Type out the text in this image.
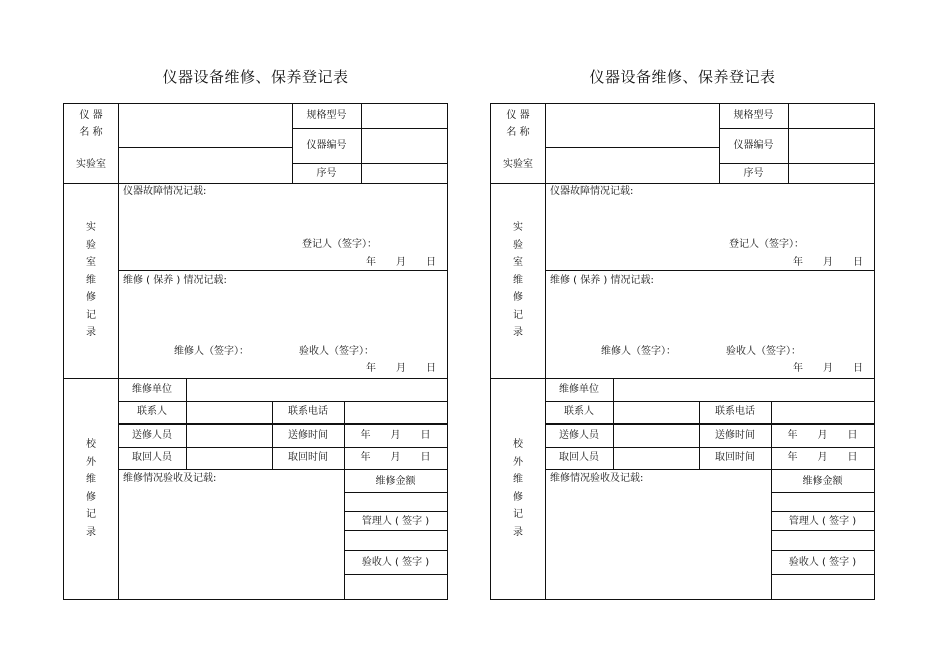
仪器设备维修、保养登记表
仪 器
名 称
实验室
规格型号
仪器编号
序号
实验室维修记录
仪器故障情况记载:
登记人（签字）：
年　　月　　日
维修 ( 保养 ) 情况记载:
维修人（签字）：	验收人（签字）：
年　　月　　日
校外维修记录
维修单位
联系人	联系电话
送修人员	送修时间	年　　月　　日
取回人员	取回时间	年　　月　　日
维修情况验收及记载:	维修金额
管理人 ( 签字 )
验收人 ( 签字 )
仪器设备维修、保养登记表
仪 器
名 称
实验室
规格型号
仪器编号
序号
实验室维修记录
仪器故障情况记载:
登记人（签字）：
年　　月　　日
维修 ( 保养 ) 情况记载:
维修人（签字）：	验收人（签字）：
年　　月　　日
校外维修记录
维修单位
联系人	联系电话
送修人员	送修时间	年　　月　　日
取回人员	取回时间	年　　月　　日
维修情况验收及记载:	维修金额
管理人 ( 签字 )
验收人 ( 签字 )
